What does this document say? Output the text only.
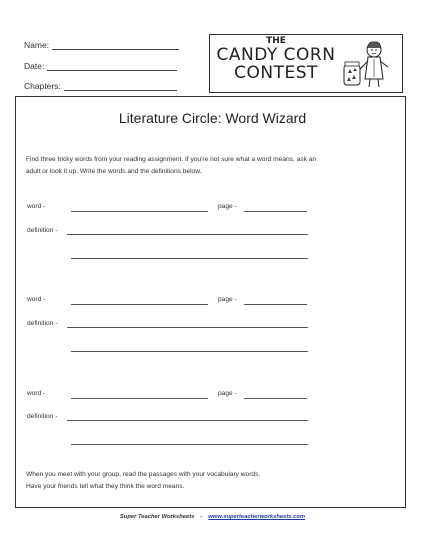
Name:
Date:
Chapters:
THE
CANDY CORN
CONTEST
Literature Circle: Word Wizard
Find three tricky words from your reading assignment. If you're not sure what a word means, ask an
adult or look it up. Write the words and the definitions below.
word -	page -
definition -
word -	page -
definition -
word -	page -
definition -
When you meet with your group, read the passages with your vocabulary words.
Have your friends tell what they think the word means.
Super Teacher Worksheets - www.superteacherworksheets.com
